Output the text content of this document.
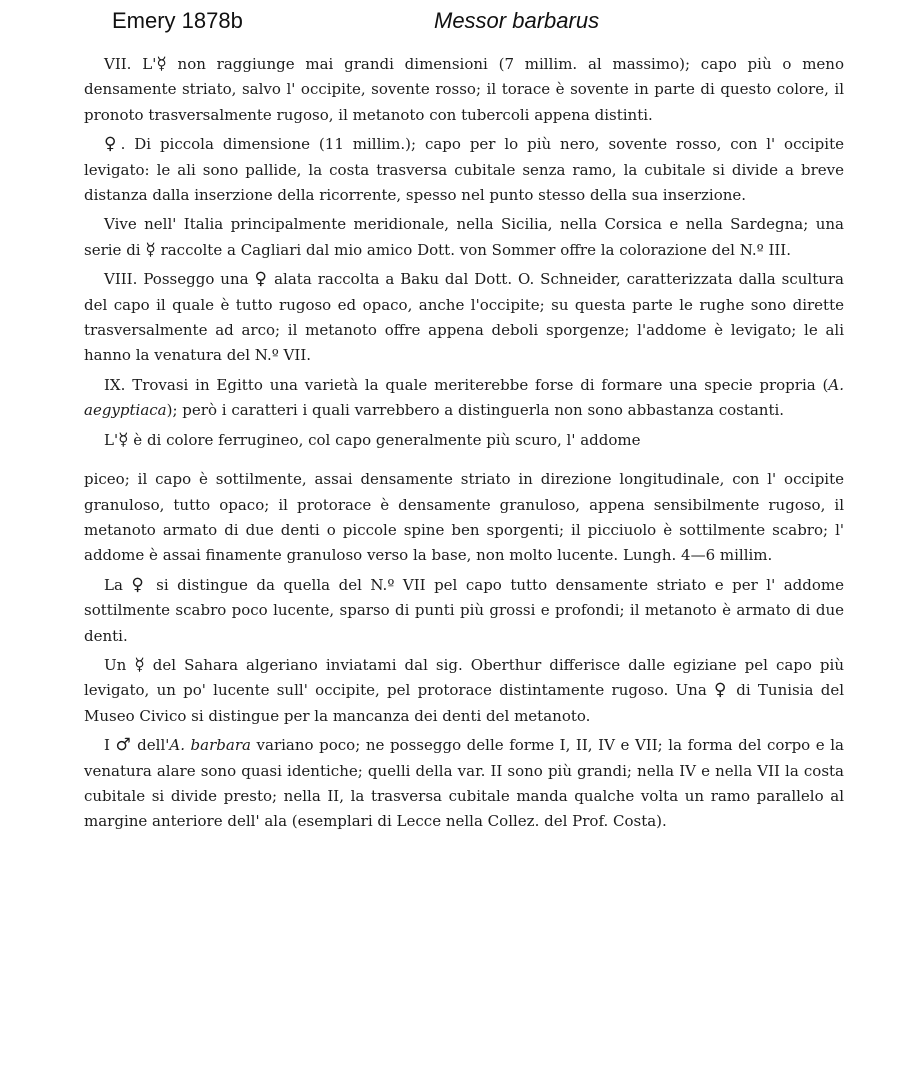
Emery 1878b	Messor barbarus

VII. L'☿ non raggiunge mai grandi dimensioni (7 millim. al massimo); capo più o meno densamente striato, salvo l' occipite, sovente rosso; il torace è sovente in parte di questo colore, il pronoto trasversalmente rugoso, il metanoto con tubercoli appena distinti.

♀. Di piccola dimensione (11 millim.); capo per lo più nero, sovente rosso, con l' occipite levigato: le ali sono pallide, la costa trasversa cubitale senza ramo, la cubitale si divide a breve distanza dalla inserzione della ricorrente, spesso nel punto stesso della sua inserzione.

Vive nell' Italia principalmente meridionale, nella Sicilia, nella Corsica e nella Sardegna; una serie di ☿ raccolte a Cagliari dal mio amico Dott. von Sommer offre la colorazione del N.º III.

VIII. Posseggo una ♀ alata raccolta a Baku dal Dott. O. Schneider, caratterizzata dalla scultura del capo il quale è tutto rugoso ed opaco, anche l'occipite; su questa parte le rughe sono dirette trasversalmente ad arco; il metanoto offre appena deboli sporgenze; l'addome è levigato; le ali hanno la venatura del N.º VII.

IX. Trovasi in Egitto una varietà la quale meriterebbe forse di formare una specie propria (A. aegyptiaca); però i caratteri i quali varrebbero a distinguerla non sono abbastanza costanti.

L'☿ è di colore ferrugineo, col capo generalmente più scuro, l' addome

piceo; il capo è sottilmente, assai densamente striato in direzione longitudinale, con l' occipite granuloso, tutto opaco; il protorace è densamente granuloso, appena sensibilmente rugoso, il metanoto armato di due denti o piccole spine ben sporgenti; il picciuolo è sottilmente scabro; l' addome è assai finamente granuloso verso la base, non molto lucente. Lungh. 4—6 millim.

La ♀ si distingue da quella del N.º VII pel capo tutto densamente striato e per l' addome sottilmente scabro poco lucente, sparso di punti più grossi e profondi; il metanoto è armato di due denti.

Un ☿ del Sahara algeriano inviatami dal sig. Oberthur differisce dalle egiziane pel capo più levigato, un po' lucente sull' occipite, pel protorace distintamente rugoso. Una ♀ di Tunisia del Museo Civico si distingue per la mancanza dei denti del metanoto.

I ♂ dell'A. barbara variano poco; ne posseggo delle forme I, II, IV e VII; la forma del corpo e la venatura alare sono quasi identiche; quelli della var. II sono più grandi; nella IV e nella VII la costa cubitale si divide presto; nella II, la trasversa cubitale manda qualche volta un ramo parallelo al margine anteriore dell' ala (esemplari di Lecce nella Collez. del Prof. Costa).
